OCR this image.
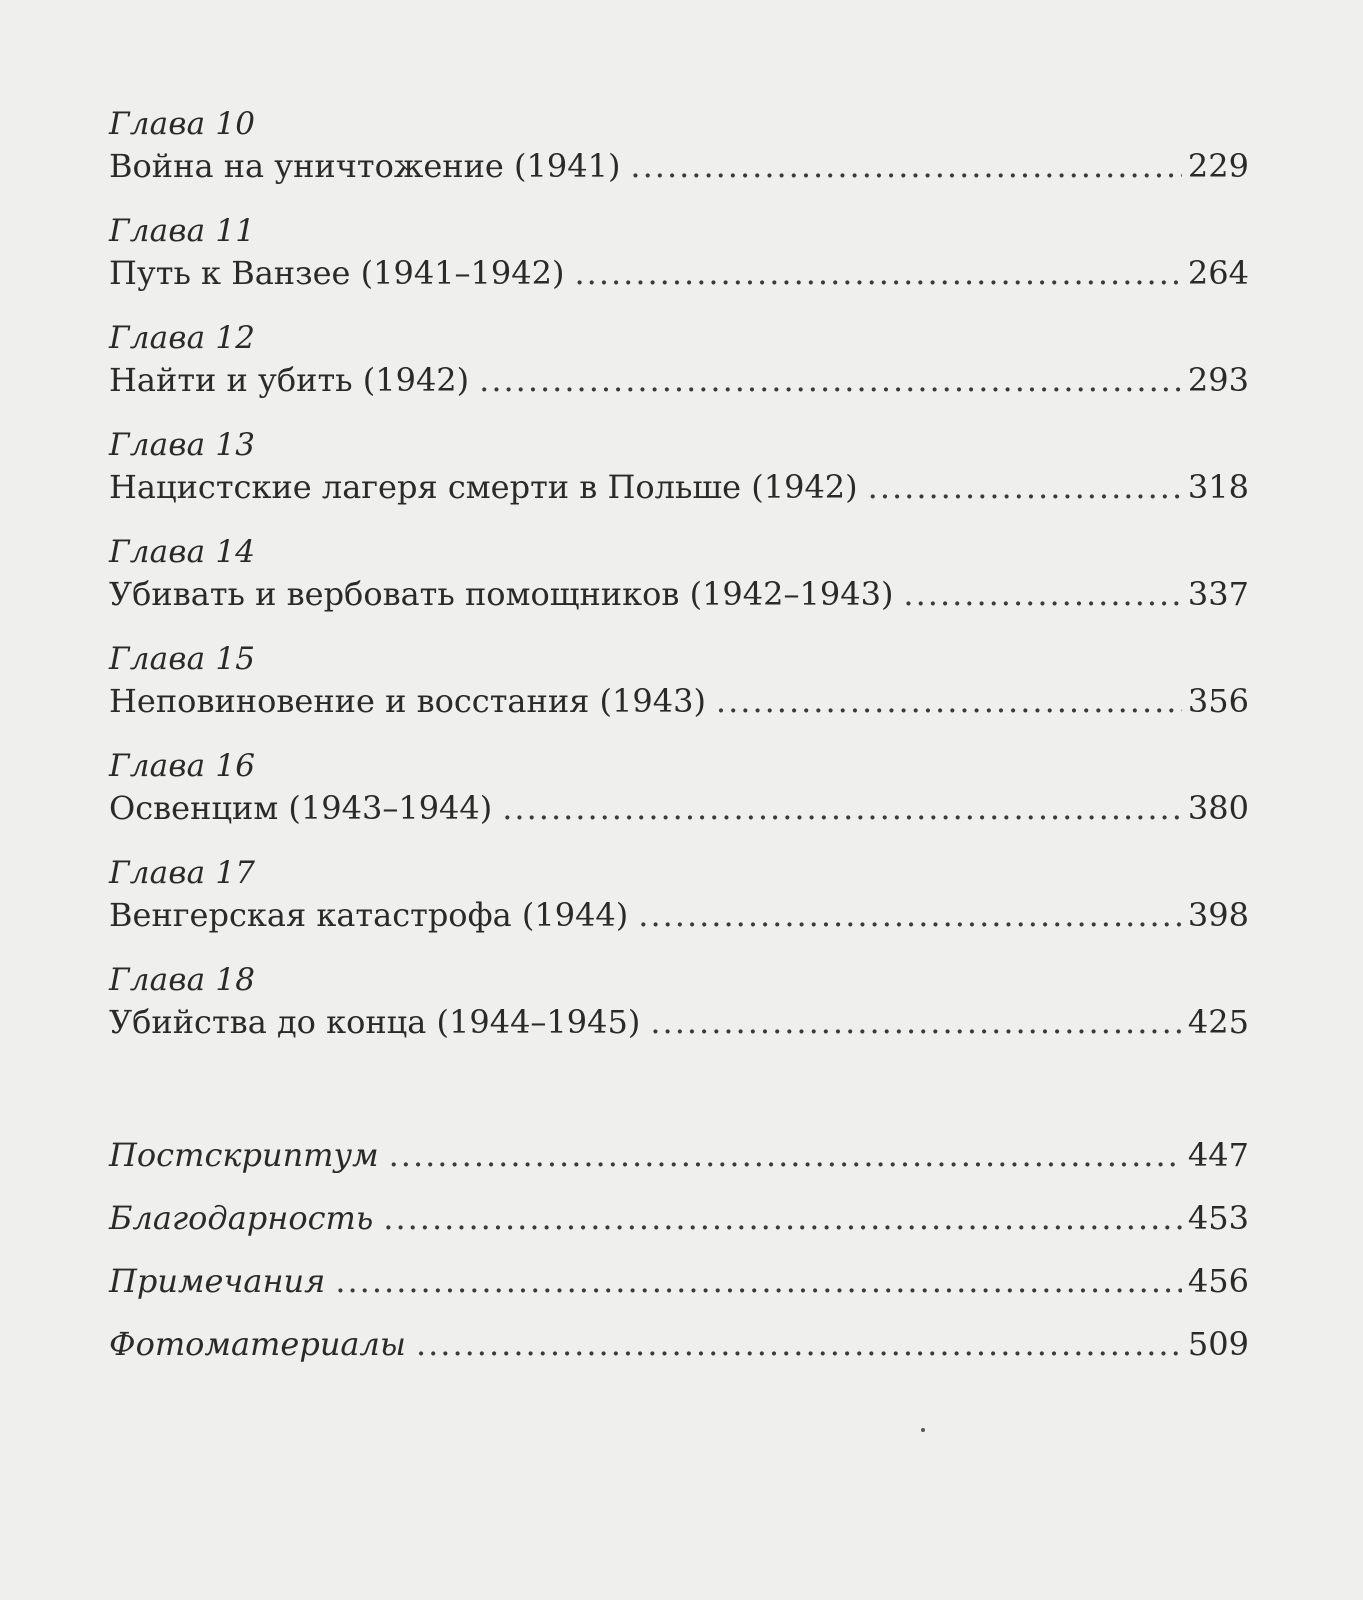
Глава 10
Война на уничтожение (1941) .....	229
Глава 11
Путь к Ванзее (1941–1942) .....	264
Глава 12
Найти и убить (1942) .....	293
Глава 13
Нацистские лагеря смерти в Польше (1942) .....	318
Глава 14
Убивать и вербовать помощников (1942–1943) .....	337
Глава 15
Неповиновение и восстания (1943) .....	356
Глава 16
Освенцим (1943–1944) .....	380
Глава 17
Венгерская катастрофа (1944) .....	398
Глава 18
Убийства до конца (1944–1945) .....	425
Постскриптум .....	447
Благодарность .....	453
Примечания .....	456
Фотоматериалы .....	509
